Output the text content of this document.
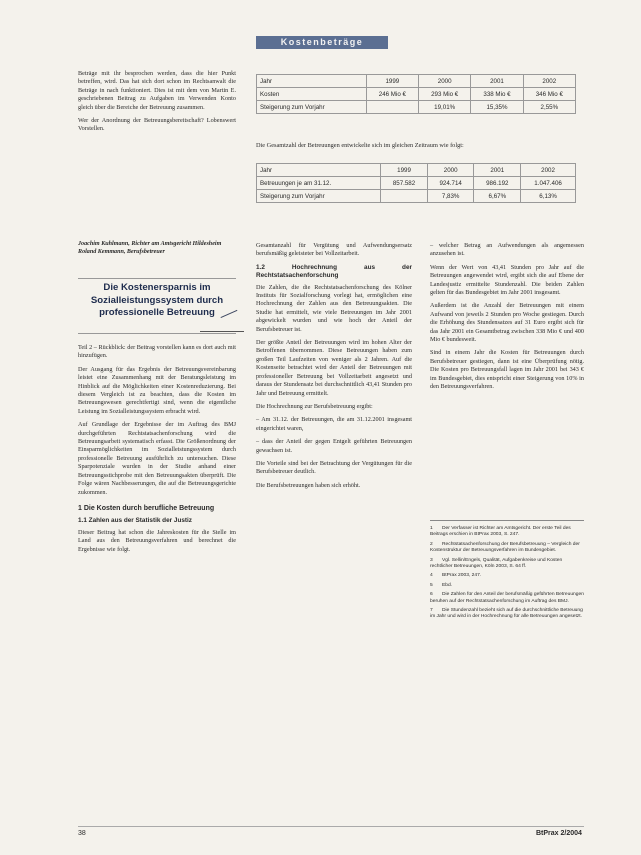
Kostenbeträge

Beträge mit ihr besprochen werden, dass die hier Punkt betreffen, wird. Das hat sich dort schon im Rechtsanwalt die Beträge in nach funktioniert. Dies ist mit dem von Martin E. geschriebenen Beitrag zu Aufgaben im Verwenden Konto gleich über die Bereiche der Betreuung zusammen.

Wer der Anordnung der Betreuungsbereitschaft? Lobenswert Vorstellen.

Joachim Kuhlmann, Richter am Amtsgericht Hildesheim
Roland Kemmann, Berufsbetreuer
Die Kostenersparnis im Sozialleistungssystem durch professionelle Betreuung

Teil 2 – Rückblick: der Beitrag vorstellen kann es dort auch mit hinzufügen.

Der Ausgang für das Ergebnis der Betreuungsvereinbarung leistet eine Zusammenhang mit der Beratungsleistung im Hinblick auf die Möglichkeiten einer Kostenreduzierung. Bei diesem Vergleich ist zu beachten, dass die Kosten im Betreuungswesen gerechtfertigt sind, wenn die eigentliche Leistung im Sozialleistungssystem erbracht wird.

Auf Grundlage der Ergebnisse der im Auftrag des BMJ durchgeführten Rechtstatsachenforschung wird die Betreuungsarbeit systematisch erfasst. Die Größenordnung der Einsparmöglichkeiten im Sozialleistungssystem durch professionelle Betreuung ausführlich zu untersuchen. Diese Sparpotenziale wurden in der Studie anhand einer Betreuungsstichprobe mit den Betreuungsakten überprüft. Die Folge wären Nachbesserungen, die auf die Betreuungsgerichte zukommen.

1 Die Kosten durch berufliche Betreuung
1.1 Zahlen aus der Statistik der Justiz

Dieser Beitrag hat schon die Jahreskosten für die Stelle im Land aus den Betreuungsverfahren und berechnet die Ergebnisse wie folgt.

Jahr	1999	2000	2001	2002
Kosten	246 Mio €	293 Mio €	338 Mio €	346 Mio €
Steigerung zum Vorjahr		19,01%	15,35%	2,55%
Die Gesamtzahl der Betreuungen entwickelte sich im gleichen Zeitraum wie folgt:
Jahr	1999	2000	2001	2002
Betreuungen je am 31.12.	857.582	924.714	986.192	1.047.406
Steigerung zum Vorjahr		7,83%	6,67%	6,13%

Gesamtanzahl für Vergütung und Aufwendungsersatz berufsmäßig geleisteter bei Vollzeitarbeit.

1.2 Hochrechnung aus der Rechtstatsachenforschung

Die Zahlen, die die Rechtstatsachenforschung des Kölner Instituts für Sozialforschung vorlegt hat, ermöglichen eine Hochrechnung der Zahlen aus den Betreuungsakten. Die Studie hat ermittelt, wie viele Betreuungen im Jahr 2001 abgewickelt wurden und wie hoch der Anteil der Berufsbetreuer ist.

Der größte Anteil der Betreuungen wird im hohen Alter der Betroffenen übernommen. Diese Betreuungen haben zum großen Teil Laufzeiten von weniger als 2 Jahren. Auf die Kostenseite betrachtet wird der Anteil der Betreuungen mit professioneller Betreuung bei Vollzeitarbeit angesetzt und daraus der Stundensatz bei durchschnittlich 43,41 Stunden pro Jahr und Betreuung ermittelt.

Die Hochrechnung zur Berufsbetreuung ergibt:

– Am 31.12. der Betreuungen, die am 31.12.2001 insgesamt eingerichtet waren,

– dass der Anteil der gegen Entgelt geführten Betreuungen gewachsen ist.

Die Vorteile sind bei der Betrachtung der Vergütungen für die Berufsbetreuer deutlich.

Die Berufsbetreuungen haben sich erhöht.

– welcher Betrag an Aufwendungen als angemessen anzusehen ist.

Wenn der Wert von 43,41 Stunden pro Jahr auf die Betreuungen angewendet wird, ergibt sich die auf Ebene der Landesjustiz ermittelte Stundenzahl. Die beiden Zahlen gelten für das Bundesgebiet im Jahr 2001 insgesamt.

Außerdem ist die Anzahl der Betreuungen mit einem Aufwand von jeweils 2 Stunden pro Woche gestiegen. Durch die Erhöhung des Stundensatzes auf 31 Euro ergibt sich für das Jahr 2001 ein Gesamtbetrag zwischen 338 Mio € und 400 Mio € bundesweit.

Sind in einem Jahr die Kosten für Betreuungen durch Berufsbetreuer gestiegen, dann ist eine Überprüfung nötig. Die Kosten pro Betreuungsfall lagen im Jahr 2001 bei 343 € im Bundesgebiet, dies entspricht einer Steigerung von 10% in den Betreuungsverfahren.

1 Der Verfasser ist Richter am Amtsgericht. Der erste Teil des Beitrags erschien in BtPrax 2003, S. 247.

2 Rechtstatsachenforschung der Berufsbetreuung – Vergleich der Kostenstruktur der Betreuungsverfahren im Bundesgebiet.

3 Vgl. Sellin/Engels, Qualität, Aufgabenkreise und Kosten rechtlicher Betreuungen, Köln 2003, S. 64 ff.

4 BtPrax 2003, 247.

5 Ebd.

6 Die Zahlen für den Anteil der berufsmäßig geführten Betreuungen beruhen auf der Rechtstatsachenforschung im Auftrag des BMJ.

7 Die Stundenzahl bezieht sich auf die durchschnittliche Betreuung im Jahr und wird in der Hochrechnung für alle Betreuungen angesetzt.

38	BtPrax 2/2004
